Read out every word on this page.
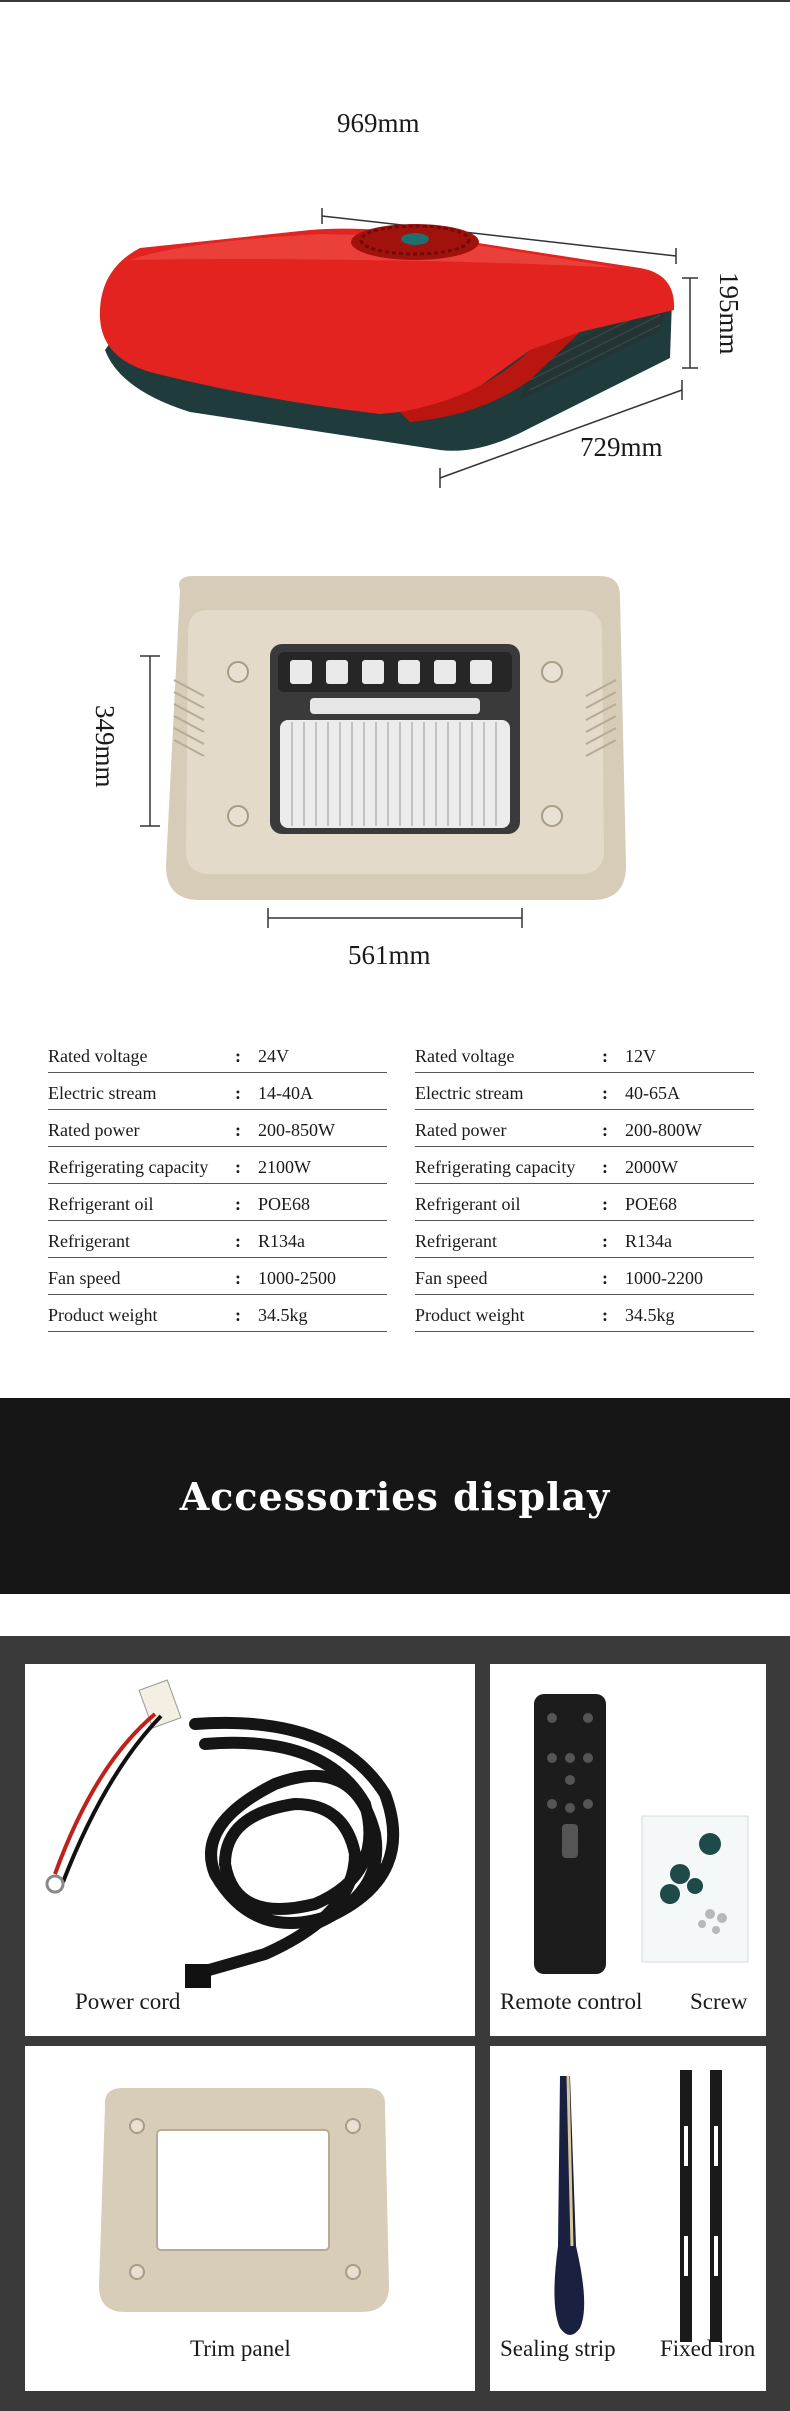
969mm
195mm
729mm
349mm
561mm
Rated voltage	: 24V
Electric stream	: 14-40A
Rated power	: 200-850W
Refrigerating capacity	: 2100W
Refrigerant oil	: POE68
Refrigerant	: R134a
Fan speed	: 1000-2500
Product weight	: 34.5kg
Rated voltage	: 12V
Electric stream	: 40-65A
Rated power	: 200-800W
Refrigerating capacity	: 2000W
Refrigerant oil	: POE68
Refrigerant	: R134a
Fan speed	: 1000-2200
Product weight	: 34.5kg
Accessories display
Power cord	Remote control Screw
Trim panel	Sealing strip Fixed iron
